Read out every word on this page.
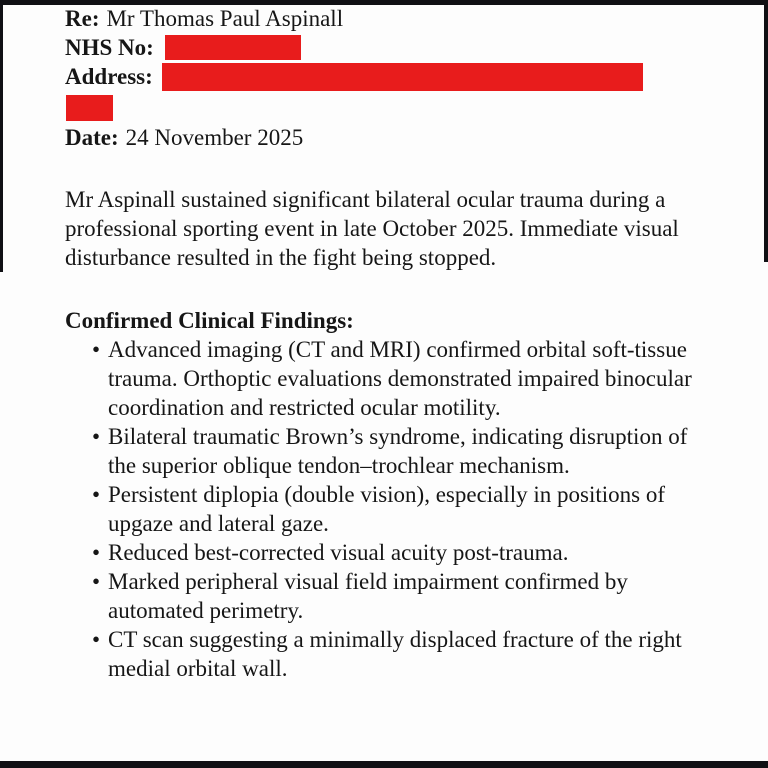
Re: Mr Thomas Paul Aspinall
NHS No:
Address:
Date: 24 November 2025

Mr Aspinall sustained significant bilateral ocular trauma during a professional sporting event in late October 2025. Immediate visual disturbance resulted in the fight being stopped.

Confirmed Clinical Findings:
• Advanced imaging (CT and MRI) confirmed orbital soft-tissue trauma. Orthoptic evaluations demonstrated impaired binocular coordination and restricted ocular motility.
• Bilateral traumatic Brown’s syndrome, indicating disruption of the superior oblique tendon–trochlear mechanism.
• Persistent diplopia (double vision), especially in positions of upgaze and lateral gaze.
• Reduced best-corrected visual acuity post-trauma.
• Marked peripheral visual field impairment confirmed by automated perimetry.
• CT scan suggesting a minimally displaced fracture of the right medial orbital wall.
